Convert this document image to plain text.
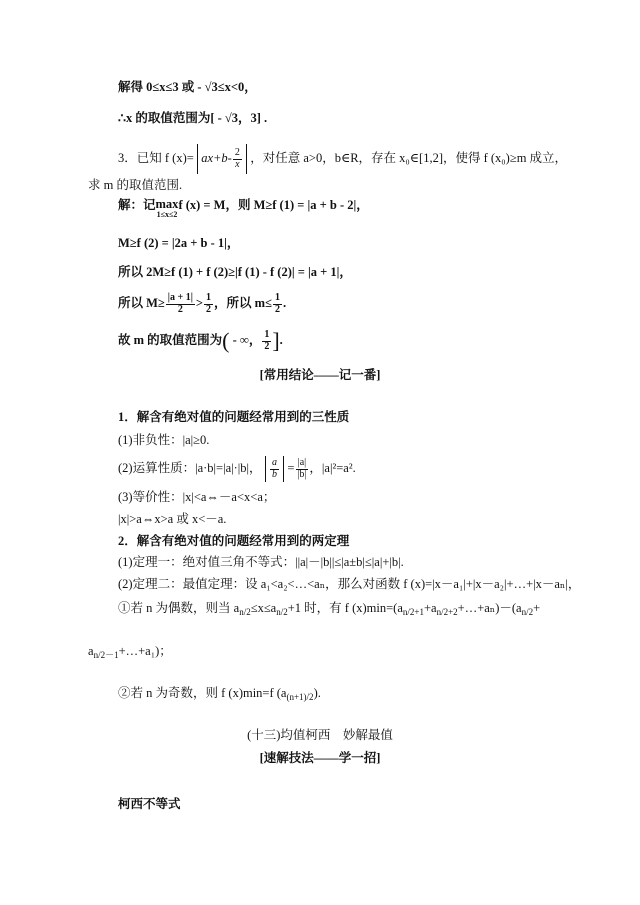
解得 0≤x≤3 或 - √3≤x<0，
∴x 的取值范围为[ - √3，3] .
3．已知 f $(x)= ax+b- \frac{2}{x}$ ，对任意 a>0，b∈R，存在 x₀∈[1,2]，使得 f (x₀)≥m 成立，
求 m 的取值范围.
解：记 max
1≤x≤2
f (x) = M，则 M≥f (1) = |a + b - 2|，
M≥f (2) = |2a + b - 1|，
所以 2M≥f (1) + f (2)≥|f (1) - f (2)| = |a + 1|，
所以 $M\ge \frac{|a + 1|}{2} > \frac{1}{2}$ ，所以 $m\le \frac{1}{2}$ .
故 m 的取值范围为( - ∞， $\frac{1}{2}$ ].
[常用结论——记一番]
1．解含有绝对值的问题经常用到的三性质
(1)非负性：|a|≥0.
(2)运算性质：|a·b|=|a|·|b|， $\frac{a}{b} = \frac{|a|}{|b|}$ ，|a|²=a².
(3)等价性：|x|<a⇔－a<x<a；
|x|>a⇔x>a 或 x<－a.
2．解含有绝对值的问题经常用到的两定理
(1)定理一：绝对值三角不等式：||a|－|b||≤|a±b|≤|a|+|b|.
(2)定理二：最值定理：设 a₁<a₂<…<aₙ，那么对函数 f (x)=|x－a₁|+|x－a₂|+…+|x－aₙ|，
①若 n 为偶数，则当 $a_{n/2}\le x\le a_{n/2}+1$ 时，有 f $(x)\min=(a_{n/2+1}+a_{n/2+2}+\dots+a_n)-(a_{n/2}+$
$a_{n/2-1}+\dots+a_1$)；
②若 n 为奇数，则 f (x)min=f $(a_{(n+1)/2})$.
(十三)均值柯西　妙解最值
[速解技法——学一招]
柯西不等式
